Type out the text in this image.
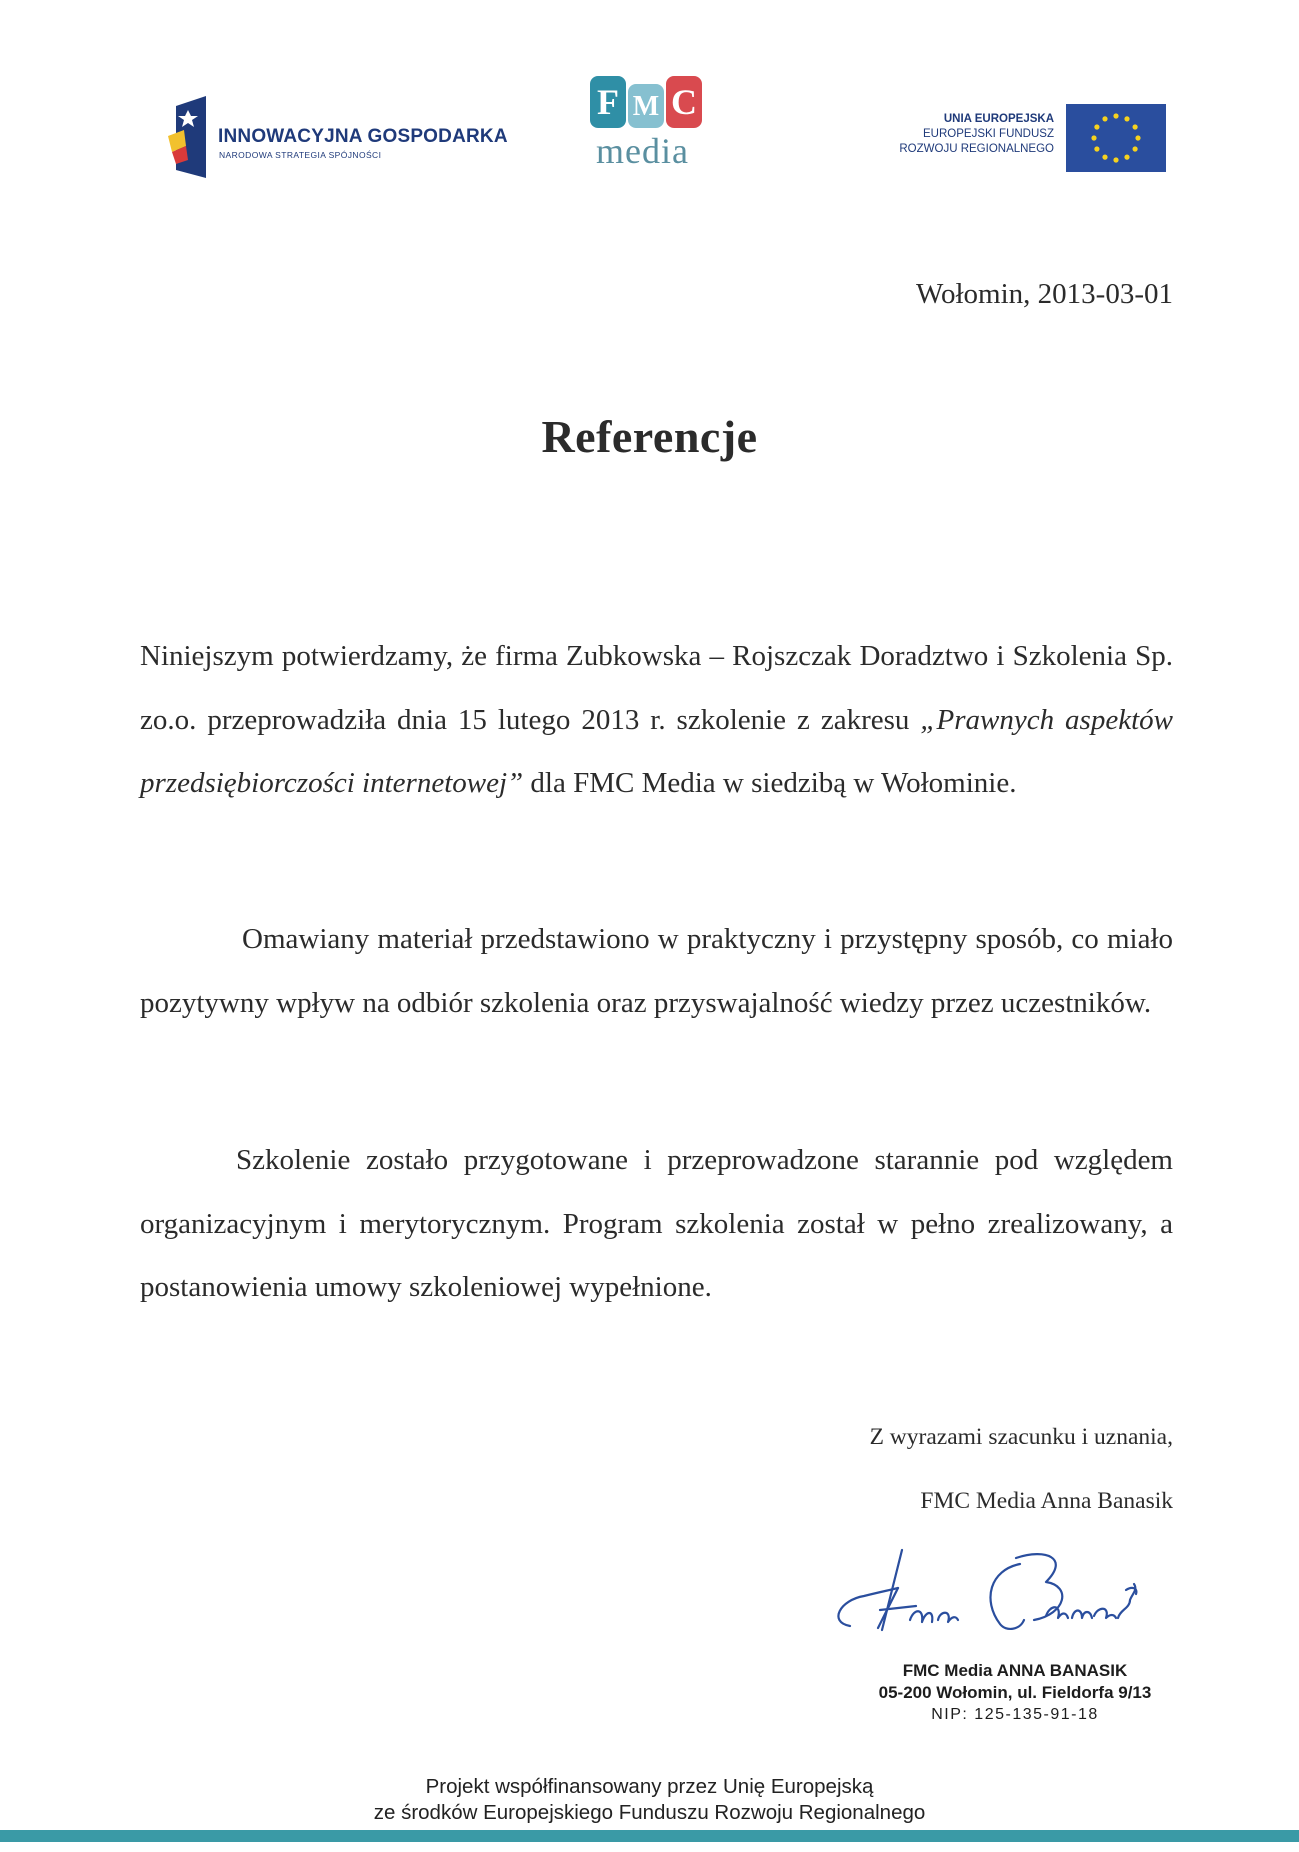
INNOWACYJNA GOSPODARKA
NARODOWA STRATEGIA SPÓJNOŚCI
F M C
media
UNIA EUROPEJSKA
EUROPEJSKI FUNDUSZ
ROZWOJU REGIONALNEGO
Wołomin, 2013-03-01
Referencje
Niniejszym potwierdzamy, że firma Zubkowska – Rojszczak Doradztwo i Szkolenia Sp. zo.o. przeprowadziła dnia 15 lutego 2013 r. szkolenie z zakresu „Prawnych aspektów przedsiębiorczości internetowej” dla FMC Media w siedzibą w Wołominie.
Omawiany materiał przedstawiono w praktyczny i przystępny sposób, co miało pozytywny wpływ na odbiór szkolenia oraz przyswajalność wiedzy przez uczestników.
Szkolenie zostało przygotowane i przeprowadzone starannie pod względem organizacyjnym i merytorycznym. Program szkolenia został w pełno zrealizowany, a postanowienia umowy szkoleniowej wypełnione.
Z wyrazami szacunku i uznania,
FMC Media Anna Banasik
FMC Media ANNA BANASIK
05-200 Wołomin, ul. Fieldorfa 9/13
NIP: 125-135-91-18
Projekt współfinansowany przez Unię Europejską
ze środków Europejskiego Funduszu Rozwoju Regionalnego
